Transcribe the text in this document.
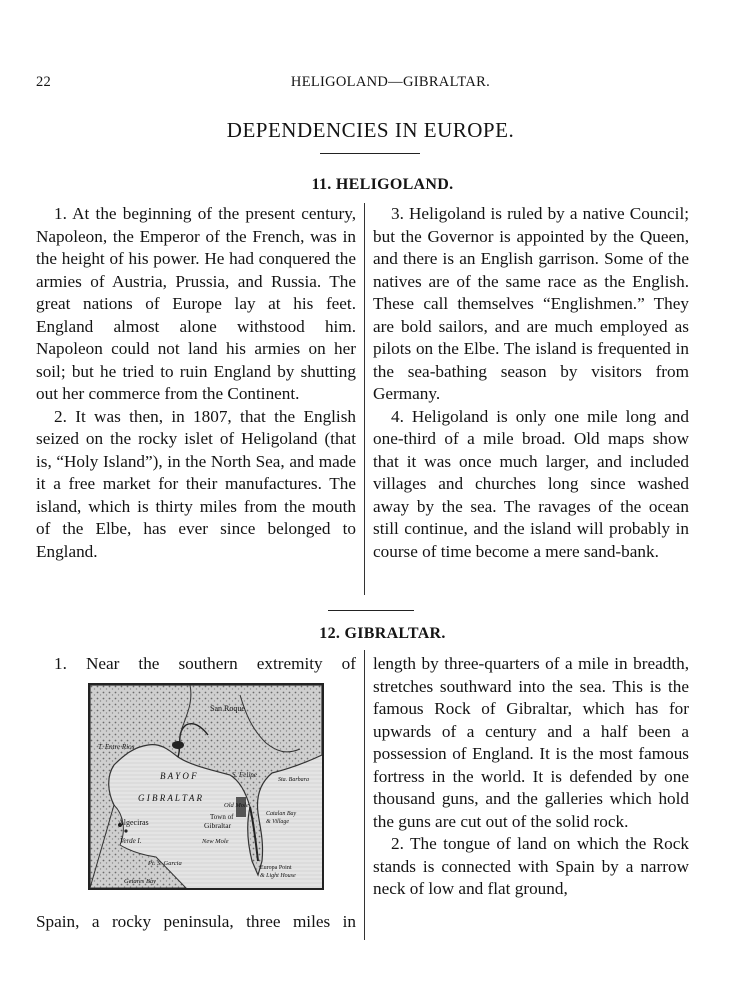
22	HELIGOLAND—GIBRALTAR.
DEPENDENCIES IN EUROPE.
11. HELIGOLAND.

1. At the beginning of the present century, Napoleon, the Emperor of the French, was in the height of his power. He had conquered the armies of Austria, Prussia, and Russia. The great nations of Europe lay at his feet. England almost alone withstood him. Napoleon could not land his armies on her soil; but he tried to ruin England by shutting out her commerce from the Continent.

2. It was then, in 1807, that the English seized on the rocky islet of Heligoland (that is, “Holy Island”), in the North Sea, and made it a free market for their manufactures. The island, which is thirty miles from the mouth of the Elbe, has ever since belonged to England.

3. Heligoland is ruled by a native Council; but the Governor is appointed by the Queen, and there is an English garrison. Some of the natives are of the same race as the English. These call themselves “Englishmen.” They are bold sailors, and are much employed as pilots on the Elbe. The island is frequented in the sea-bathing season by visitors from Germany.

4. Heligoland is only one mile long and one-third of a mile broad. Old maps show that it was once much larger, and included villages and churches long since washed away by the sea. The ravages of the ocean still continue, and the island will probably in course of time become a mere sand-bank.

12. GIBRALTAR.

1. Near the southern extremity of

San Roque
T. Entre Rios
B A Y O F
G I B R A L T A R
S. Felipe
Sta. Barbara
Old Mole
Town of
Gibraltar
Catalan Bay
& Village
Algeciras
Verde I.	New Mole
Europa Point
& Light House
Pt. S. Garcia
Getares Bay

Spain, a rocky peninsula, three miles in

length by three-quarters of a mile in breadth, stretches southward into the sea. This is the famous Rock of Gibraltar, which has for upwards of a century and a half been a possession of England. It is the most famous fortress in the world. It is defended by one thousand guns, and the galleries which hold the guns are cut out of the solid rock.

2. The tongue of land on which the Rock stands is connected with Spain by a narrow neck of low and flat ground,
